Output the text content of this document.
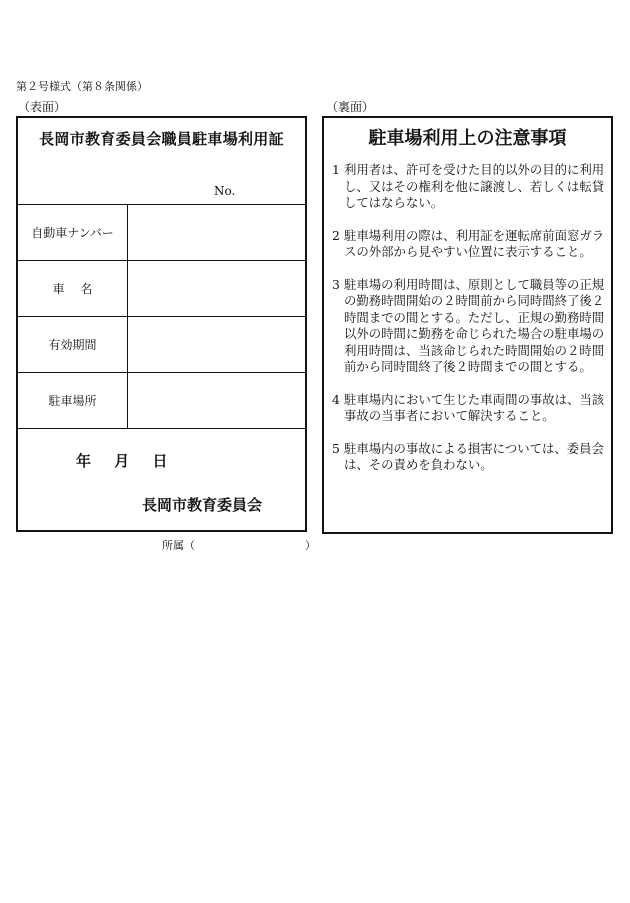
第２号様式（第８条関係）
（表面）	（裏面）
長岡市教育委員会職員駐車場利用証
No.
自動車ナンバー
車　 名
有効期間
駐車場所
年　 月　 日
長岡市教育委員会
所属（　　　　　　　　　　）
駐車場利用上の注意事項
1 利用者は、許可を受けた目的以外の目的に利用し、又はその権利を他に譲渡し、若しくは転貸してはならない。
2 駐車場利用の際は、利用証を運転席前面窓ガラスの外部から見やすい位置に表示すること。
3 駐車場の利用時間は、原則として職員等の正規の勤務時間開始の２時間前から同時間終了後２時間までの間とする。ただし、正規の勤務時間以外の時間に勤務を命じられた場合の駐車場の利用時間は、当該命じられた時間開始の２時間前から同時間終了後２時間までの間とする。
4 駐車場内において生じた車両間の事故は、当該事故の当事者において解決すること。
5 駐車場内の事故による損害については、委員会は、その責めを負わない。
